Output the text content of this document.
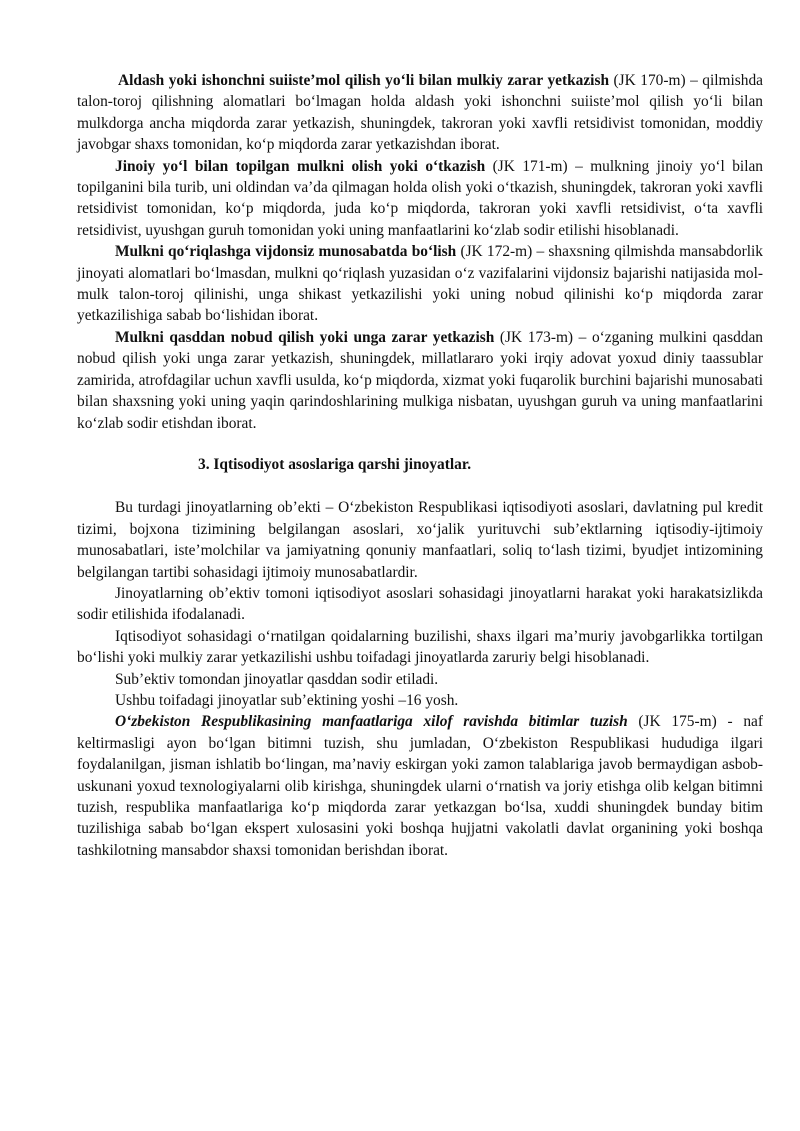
Aldash yoki ishonchni suiiste’mol qilish yo‘li bilan mulkiy zarar yetkazish (JK 170-m) – qilmishda talon-toroj qilishning alomatlari bo‘lmagan holda aldash yoki ishonchni suiiste’mol qilish yo‘li bilan mulkdorga ancha miqdorda zarar yetkazish, shuningdek, takroran yoki xavfli retsidivist tomonidan, moddiy javobgar shaxs tomonidan, ko‘p miqdorda zarar yetkazishdan iborat.

Jinoiy yo‘l bilan topilgan mulkni olish yoki o‘tkazish (JK 171-m) – mulkning jinoiy yo‘l bilan topilganini bila turib, uni oldindan va’da qilmagan holda olish yoki o‘tkazish, shuningdek, takroran yoki xavfli retsidivist tomonidan, ko‘p miqdorda, juda ko‘p miqdorda, takroran yoki xavfli retsidivist, o‘ta xavfli retsidivist, uyushgan guruh tomonidan yoki uning manfaatlarini ko‘zlab sodir etilishi hisoblanadi.

Mulkni qo‘riqlashga vijdonsiz munosabatda bo‘lish (JK 172-m) – shaxsning qilmishda mansabdorlik jinoyati alomatlari bo‘lmasdan, mulkni qo‘riqlash yuzasidan o‘z vazifalarini vijdonsiz bajarishi natijasida mol-mulk talon-toroj qilinishi, unga shikast yetkazilishi yoki uning nobud qilinishi ko‘p miqdorda zarar yetkazilishiga sabab bo‘lishidan iborat.

Mulkni qasddan nobud qilish yoki unga zarar yetkazish (JK 173-m) – o‘zganing mulkini qasddan nobud qilish yoki unga zarar yetkazish, shuningdek, millatlararo yoki irqiy adovat yoxud diniy taassublar zamirida, atrofdagilar uchun xavfli usulda, ko‘p miqdorda, xizmat yoki fuqarolik burchini bajarishi munosabati bilan shaxsning yoki uning yaqin qarindoshlarining mulkiga nisbatan, uyushgan guruh va uning manfaatlarini ko‘zlab sodir etishdan iborat.

3. Iqtisodiyot asoslariga qarshi jinoyatlar.

Bu turdagi jinoyatlarning ob’ekti – O‘zbekiston Respublikasi iqtisodiyoti asoslari, davlatning pul kredit tizimi, bojxona tizimining belgilangan asoslari, xo‘jalik yurituvchi sub’ektlarning iqtisodiy-ijtimoiy munosabatlari, iste’molchilar va jamiyatning qonuniy manfaatlari, soliq to‘lash tizimi, byudjet intizomining belgilangan tartibi sohasidagi ijtimoiy munosabatlardir.

Jinoyatlarning ob’ektiv tomoni iqtisodiyot asoslari sohasidagi jinoyatlarni harakat yoki harakatsizlikda sodir etilishida ifodalanadi.

Iqtisodiyot sohasidagi o‘rnatilgan qoidalarning buzilishi, shaxs ilgari ma’muriy javobgarlikka tortilgan bo‘lishi yoki mulkiy zarar yetkazilishi ushbu toifadagi jinoyatlarda zaruriy belgi hisoblanadi.

Sub’ektiv tomondan jinoyatlar qasddan sodir etiladi.

Ushbu toifadagi jinoyatlar sub’ektining yoshi –16 yosh.

O‘zbekiston Respublikasining manfaatlariga xilof ravishda bitimlar tuzish (JK 175-m) - naf keltirmasligi ayon bo‘lgan bitimni tuzish, shu jumladan, O‘zbekiston Respublikasi hududiga ilgari foydalanilgan, jisman ishlatib bo‘lingan, ma’naviy eskirgan yoki zamon talablariga javob bermaydigan asbob-uskunani yoxud texnologiyalarni olib kirishga, shuningdek ularni o‘rnatish va joriy etishga olib kelgan bitimni tuzish, respublika manfaatlariga ko‘p miqdorda zarar yetkazgan bo‘lsa, xuddi shuningdek bunday bitim tuzilishiga sabab bo‘lgan ekspert xulosasini yoki boshqa hujjatni vakolatli davlat organining yoki boshqa tashkilotning mansabdor shaxsi tomonidan berishdan iborat.
